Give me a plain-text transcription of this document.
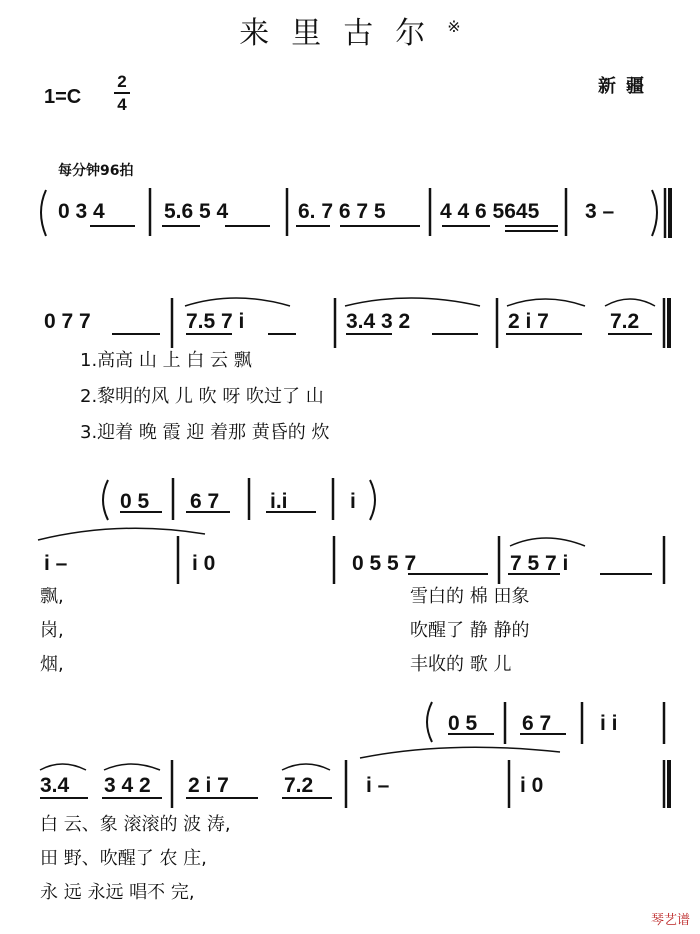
来里古尔※
1=C
2
4
新疆
每分钟96拍
0 3 4	5.6 5 4	6. 7 6 7 5	4 4 6 5645 3 –
0 7 7	7.5 7 i	3.4 3 2	2 i 7	7.2
1.高高 山 上 白 云 飘
2.黎明的风 儿 吹 呀 吹过了 山
3.迎着 晚 霞 迎 着那 黄昏的 炊
0 5 6 7 i.i	i
i –	i 0	0 5 5 7	7 5 7 i
飘,
岗,
烟,
雪白的 棉 田象
吹醒了 静 静的
丰收的 歌 儿
0 5 6 7 i i
3.4 3 4 2 2 i 7	7.2	i –	i 0
白 云、象 滚滚的 波 涛,
田 野、吹醒了 农 庄,
永 远 永远 唱不 完,
琴艺谱
